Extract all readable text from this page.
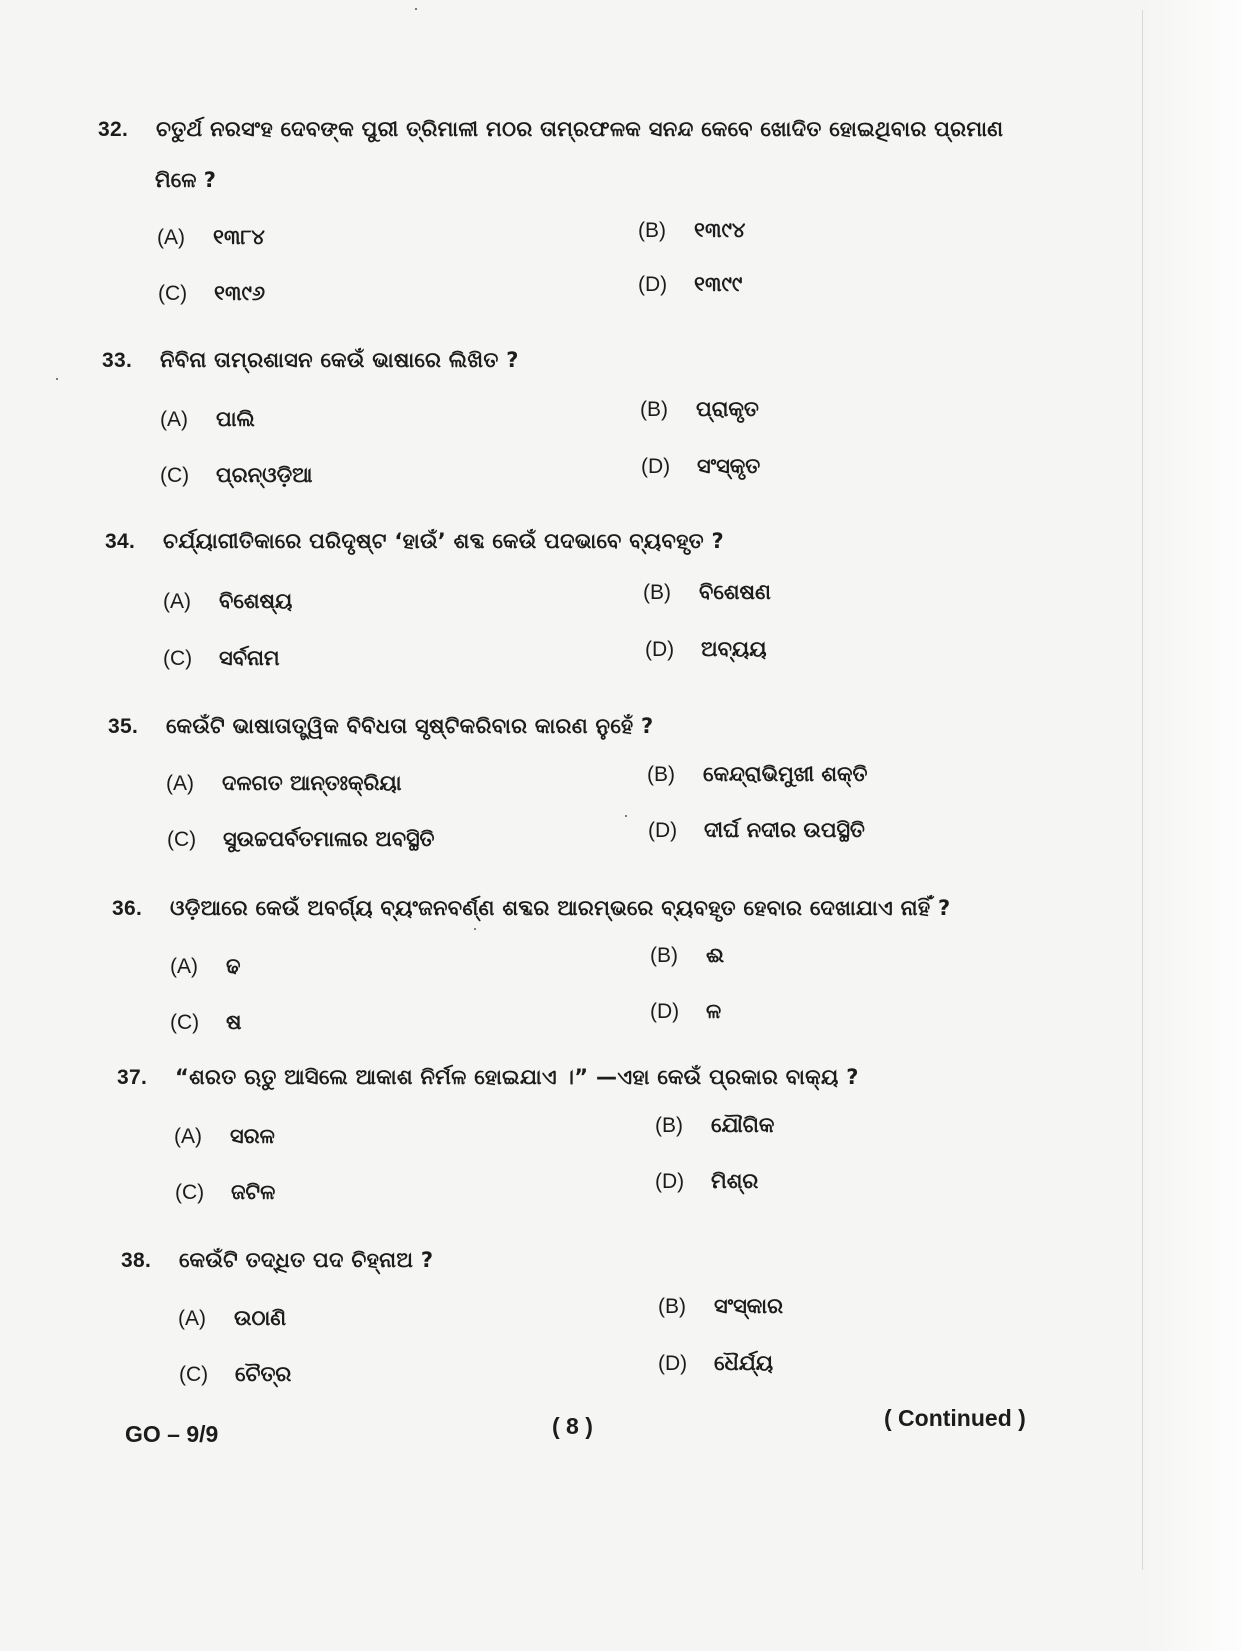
32. ଚତୁର୍ଥ ନରସଂହ ଦେବଙ୍କ ପୁରୀ ତ୍ରିମାଳୀ ମଠର ତାମ୍ରଫଳକ ସନନ୍ଦ କେବେ ଖୋଦିତ ହୋଇଥିବାର ପ୍ରମାଣ
ମିଳେ ?
(A) ୧୩୮୪	(B) ୧୩୯୪
(C) ୧୩୯୬	(D) ୧୩୯୯
33. ନିବିନା ତାମ୍ରଶାସନ କେଉଁ ଭାଷାରେ ଲିଖିତ ?
(A) ପାଲି	(B) ପ୍ରାକୃତ
(C) ପ୍ରନ୍ଓଡ଼ିଆ	(D) ସଂସ୍କୃତ
34. ଚର୍ଯ୍ୟାଗୀତିକାରେ ପରିଦୃଷ୍ଟ ‘ହାଉଁ’ ଶବ୍ଦ କେଉଁ ପଦଭାବେ ବ୍ୟବହୃତ ?
(A) ବିଶେଷ୍ୟ	(B) ବିଶେଷଣ
(C) ସର୍ବନାମ	(D) ଅବ୍ୟୟ
35. କେଉଁଟି ଭାଷାତାତ୍ତ୍ୱିକ ବିବିଧତା ସୃଷ୍ଟିକରିବାର କାରଣ ନୁହେଁ ?
(A) ଦଳଗତ ଆନ୍ତଃକ୍ରିୟା	(B) କେନ୍ଦ୍ରାଭିମୁଖୀ ଶକ୍ତି
(C) ସୁଉଚ୍ଚପର୍ବତମାଳାର ଅବସ୍ଥିତି	(D) ଦୀର୍ଘ ନଦୀର ଉପସ୍ଥିତି
36. ଓଡ଼ିଆରେ କେଉଁ ଅବର୍ଗ୍ୟ ବ୍ୟଂଜନବର୍ଣ୍ଣ ଶବ୍ଦର ଆରମ୍ଭରେ ବ୍ୟବହୃତ ହେବାର ଦେଖାଯାଏ ନାହିଁ ?
(A) ଢ	(B) ଈ
(C) ଷ	(D) ଳ
37. “ଶରତ ଋତୁ ଆସିଲେ ଆକାଶ ନିର୍ମଳ ହୋଇଯାଏ ।” —ଏହା କେଉଁ ପ୍ରକାର ବାକ୍ୟ ?
(A) ସରଳ	(B) ଯୌଗିକ
(C) ଜଟିଳ	(D) ମିଶ୍ର
38. କେଉଁଟି ତଦ୍ଧିତ ପଦ ଚିହ୍ନାଅ ?
(A) ଉଠାଣି	(B) ସଂସ୍କାର
(C) ଚୈତ୍ର	(D) ଧୈର୍ଯ୍ୟ
GO – 9/9	( 8 )	( Continued )
